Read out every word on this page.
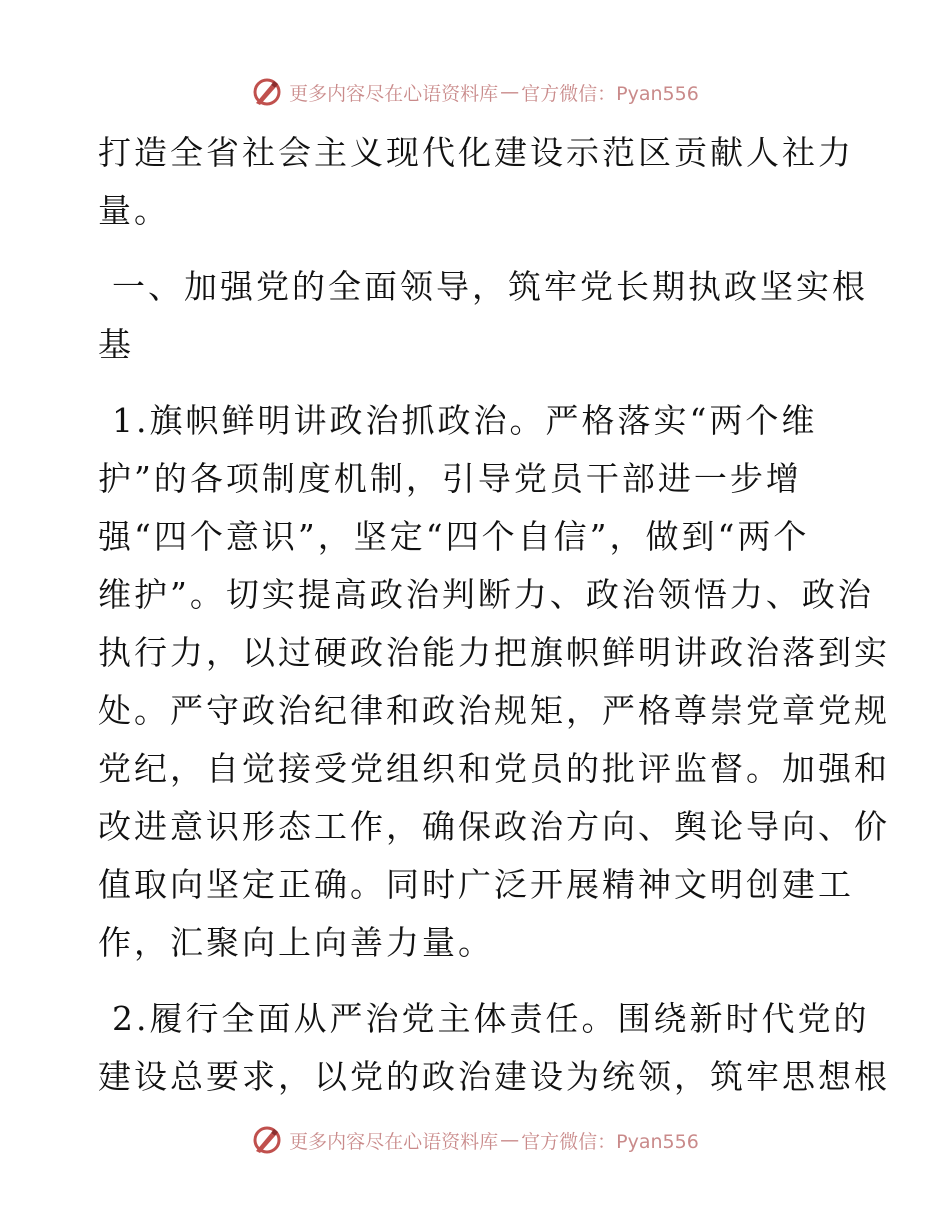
更多内容尽在心语资料库 — 官方微信：Pyan556

打造全省社会主义现代化建设示范区贡献人社力
量。

一、加强党的全面领导，筑牢党长期执政坚实根
基

1.旗帜鲜明讲政治抓政治。严格落实“两个维
护”的各项制度机制，引导党员干部进一步增
强“四个意识”，坚定“四个自信”，做到“两个
维护”。切实提高政治判断力、政治领悟力、政治
执行力，以过硬政治能力把旗帜鲜明讲政治落到实
处。严守政治纪律和政治规矩，严格尊崇党章党规
党纪，自觉接受党组织和党员的批评监督。加强和
改进意识形态工作，确保政治方向、舆论导向、价
值取向坚定正确。同时广泛开展精神文明创建工
作，汇聚向上向善力量。

2.履行全面从严治党主体责任。围绕新时代党的
建设总要求，以党的政治建设为统领，筑牢思想根

更多内容尽在心语资料库 — 官方微信：Pyan556
